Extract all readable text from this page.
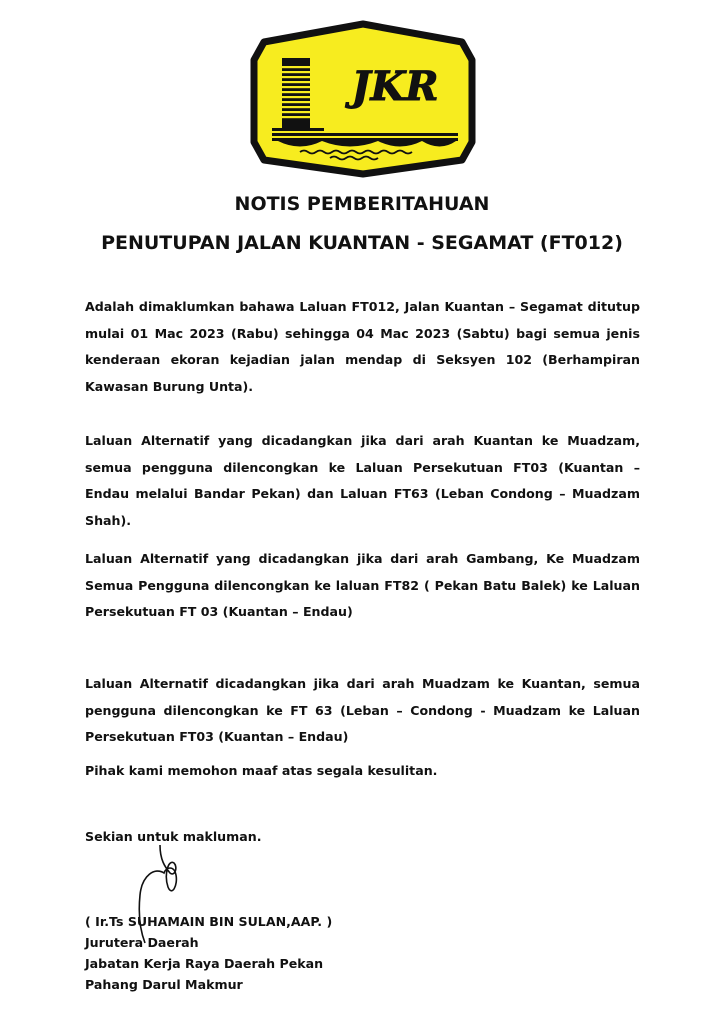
JKR
NOTIS PEMBERITAHUAN
PENUTUPAN JALAN KUANTAN - SEGAMAT (FT012)
Adalah dimaklumkan bahawa Laluan FT012, Jalan Kuantan – Segamat ditutup mulai 01 Mac 2023 (Rabu) sehingga 04 Mac 2023 (Sabtu) bagi semua jenis kenderaan ekoran kejadian jalan mendap di Seksyen 102 (Berhampiran Kawasan Burung Unta).
Laluan Alternatif yang dicadangkan jika dari arah Kuantan ke Muadzam, semua pengguna dilencongkan ke Laluan Persekutuan FT03 (Kuantan – Endau melalui Bandar Pekan) dan Laluan FT63 (Leban Condong – Muadzam Shah).
Laluan Alternatif yang dicadangkan jika dari arah Gambang, Ke Muadzam Semua Pengguna dilencongkan ke laluan FT82 ( Pekan Batu Balek) ke Laluan Persekutuan FT 03 (Kuantan – Endau)
Laluan Alternatif dicadangkan jika dari arah Muadzam ke Kuantan, semua pengguna dilencongkan ke FT 63 (Leban – Condong - Muadzam ke Laluan Persekutuan FT03 (Kuantan – Endau)
Pihak kami memohon maaf atas segala kesulitan.
Sekian untuk makluman.
( Ir.Ts SUHAMAIN BIN SULAN,AAP. )
Jurutera Daerah
Jabatan Kerja Raya Daerah Pekan
Pahang Darul Makmur
